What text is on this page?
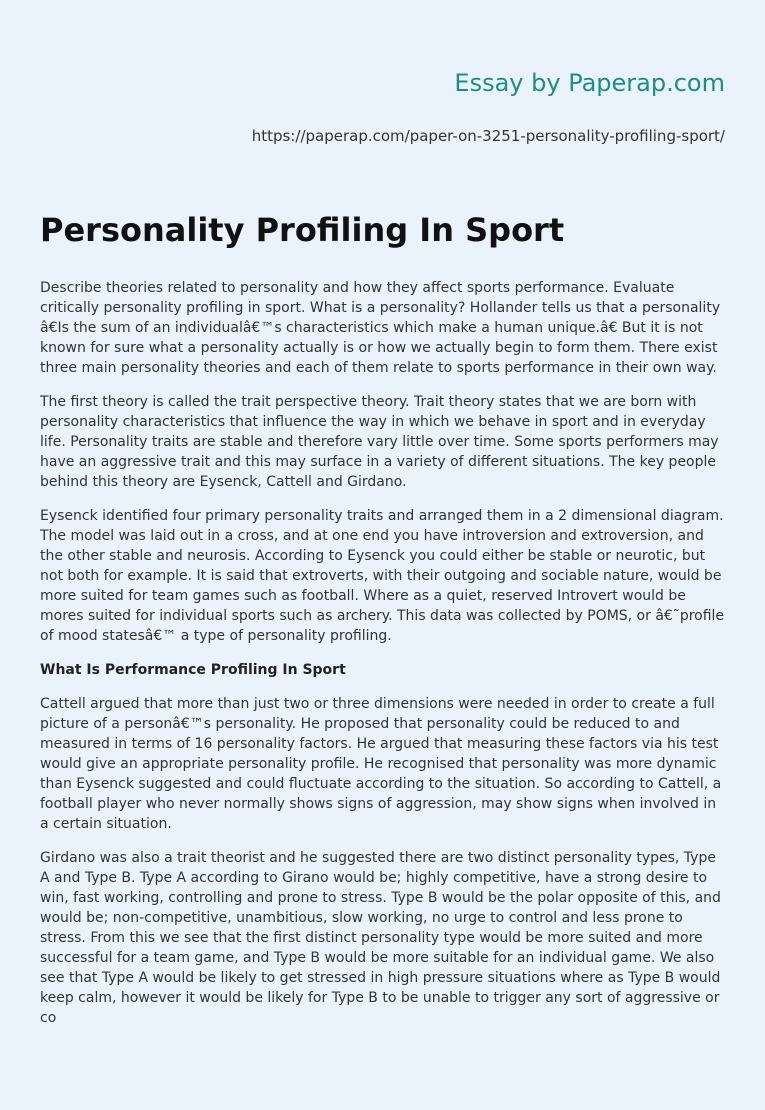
Essay by Paperap.com
https://paperap.com/paper-on-3251-personality-profiling-sport/
Personality Profiling In Sport

Describe theories related to personality and how they affect sports performance. Evaluate critically personality profiling in sport. What is a personality? Hollander tells us that a personality â€Is the sum of an individualâ€™s characteristics which make a human unique.â€ But it is not known for sure what a personality actually is or how we actually begin to form them. There exist three main personality theories and each of them relate to sports performance in their own way.

The first theory is called the trait perspective theory. Trait theory states that we are born with personality characteristics that influence the way in which we behave in sport and in everyday life. Personality traits are stable and therefore vary little over time. Some sports performers may have an aggressive trait and this may surface in a variety of different situations. The key people behind this theory are Eysenck, Cattell and Girdano.

Eysenck identified four primary personality traits and arranged them in a 2 dimensional diagram. The model was laid out in a cross, and at one end you have introversion and extroversion, and the other stable and neurosis. According to Eysenck you could either be stable or neurotic, but not both for example. It is said that extroverts, with their outgoing and sociable nature, would be more suited for team games such as football. Where as a quiet, reserved Introvert would be mores suited for individual sports such as archery. This data was collected by POMS, or â€˜profile of mood statesâ€™ a type of personality profiling.

What Is Performance Profiling In Sport

Cattell argued that more than just two or three dimensions were needed in order to create a full picture of a personâ€™s personality. He proposed that personality could be reduced to and measured in terms of 16 personality factors. He argued that measuring these factors via his test would give an appropriate personality profile. He recognised that personality was more dynamic than Eysenck suggested and could fluctuate according to the situation. So according to Cattell, a football player who never normally shows signs of aggression, may show signs when involved in a certain situation.

Girdano was also a trait theorist and he suggested there are two distinct personality types, Type A and Type B. Type A according to Girano would be; highly competitive, have a strong desire to win, fast working, controlling and prone to stress. Type B would be the polar opposite of this, and would be; non-competitive, unambitious, slow working, no urge to control and less prone to stress. From this we see that the first distinct personality type would be more suited and more successful for a team game, and Type B would be more suitable for an individual game. We also see that Type A would be likely to get stressed in high pressure situations where as Type B would keep calm, however it would be likely for Type B to be unable to trigger any sort of aggressive or co
